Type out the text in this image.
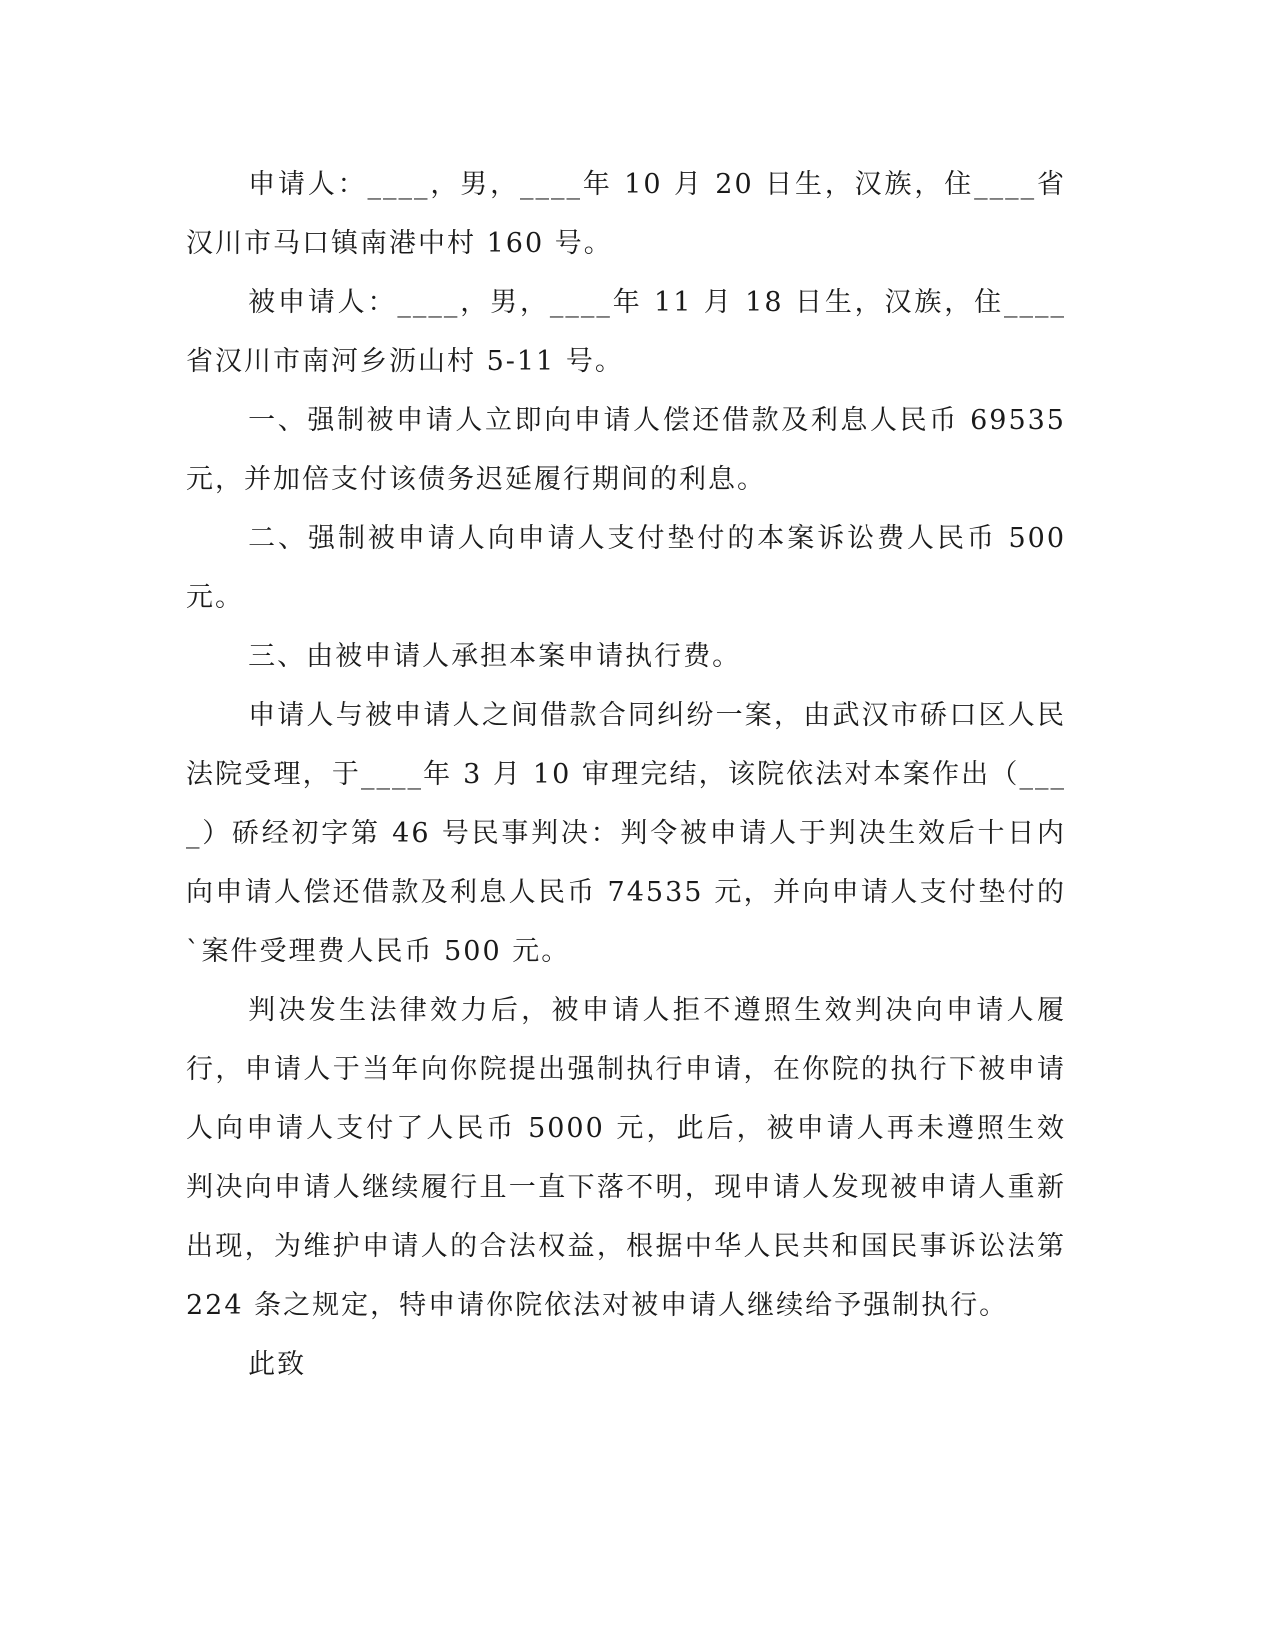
申请人：____，男，____年 10 月 20 日生，汉族，住____省汉川市马口镇南港中村 160 号。

被申请人：____，男，____年 11 月 18 日生，汉族，住____省汉川市南河乡沥山村 5-11 号。

一、强制被申请人立即向申请人偿还借款及利息人民币 69535 元，并加倍支付该债务迟延履行期间的利息。

二、强制被申请人向申请人支付垫付的本案诉讼费人民币 500 元。

三、由被申请人承担本案申请执行费。

申请人与被申请人之间借款合同纠纷一案，由武汉市硚口区人民法院受理，于____年 3 月 10 审理完结，该院依法对本案作出（____）硚经初字第 46 号民事判决：判令被申请人于判决生效后十日内向申请人偿还借款及利息人民币 74535 元，并向申请人支付垫付的`案件受理费人民币 500 元。

判决发生法律效力后，被申请人拒不遵照生效判决向申请人履行，申请人于当年向你院提出强制执行申请，在你院的执行下被申请人向申请人支付了人民币 5000 元，此后，被申请人再未遵照生效判决向申请人继续履行且一直下落不明，现申请人发现被申请人重新出现，为维护申请人的合法权益，根据中华人民共和国民事诉讼法第 224 条之规定，特申请你院依法对被申请人继续给予强制执行。

此致
